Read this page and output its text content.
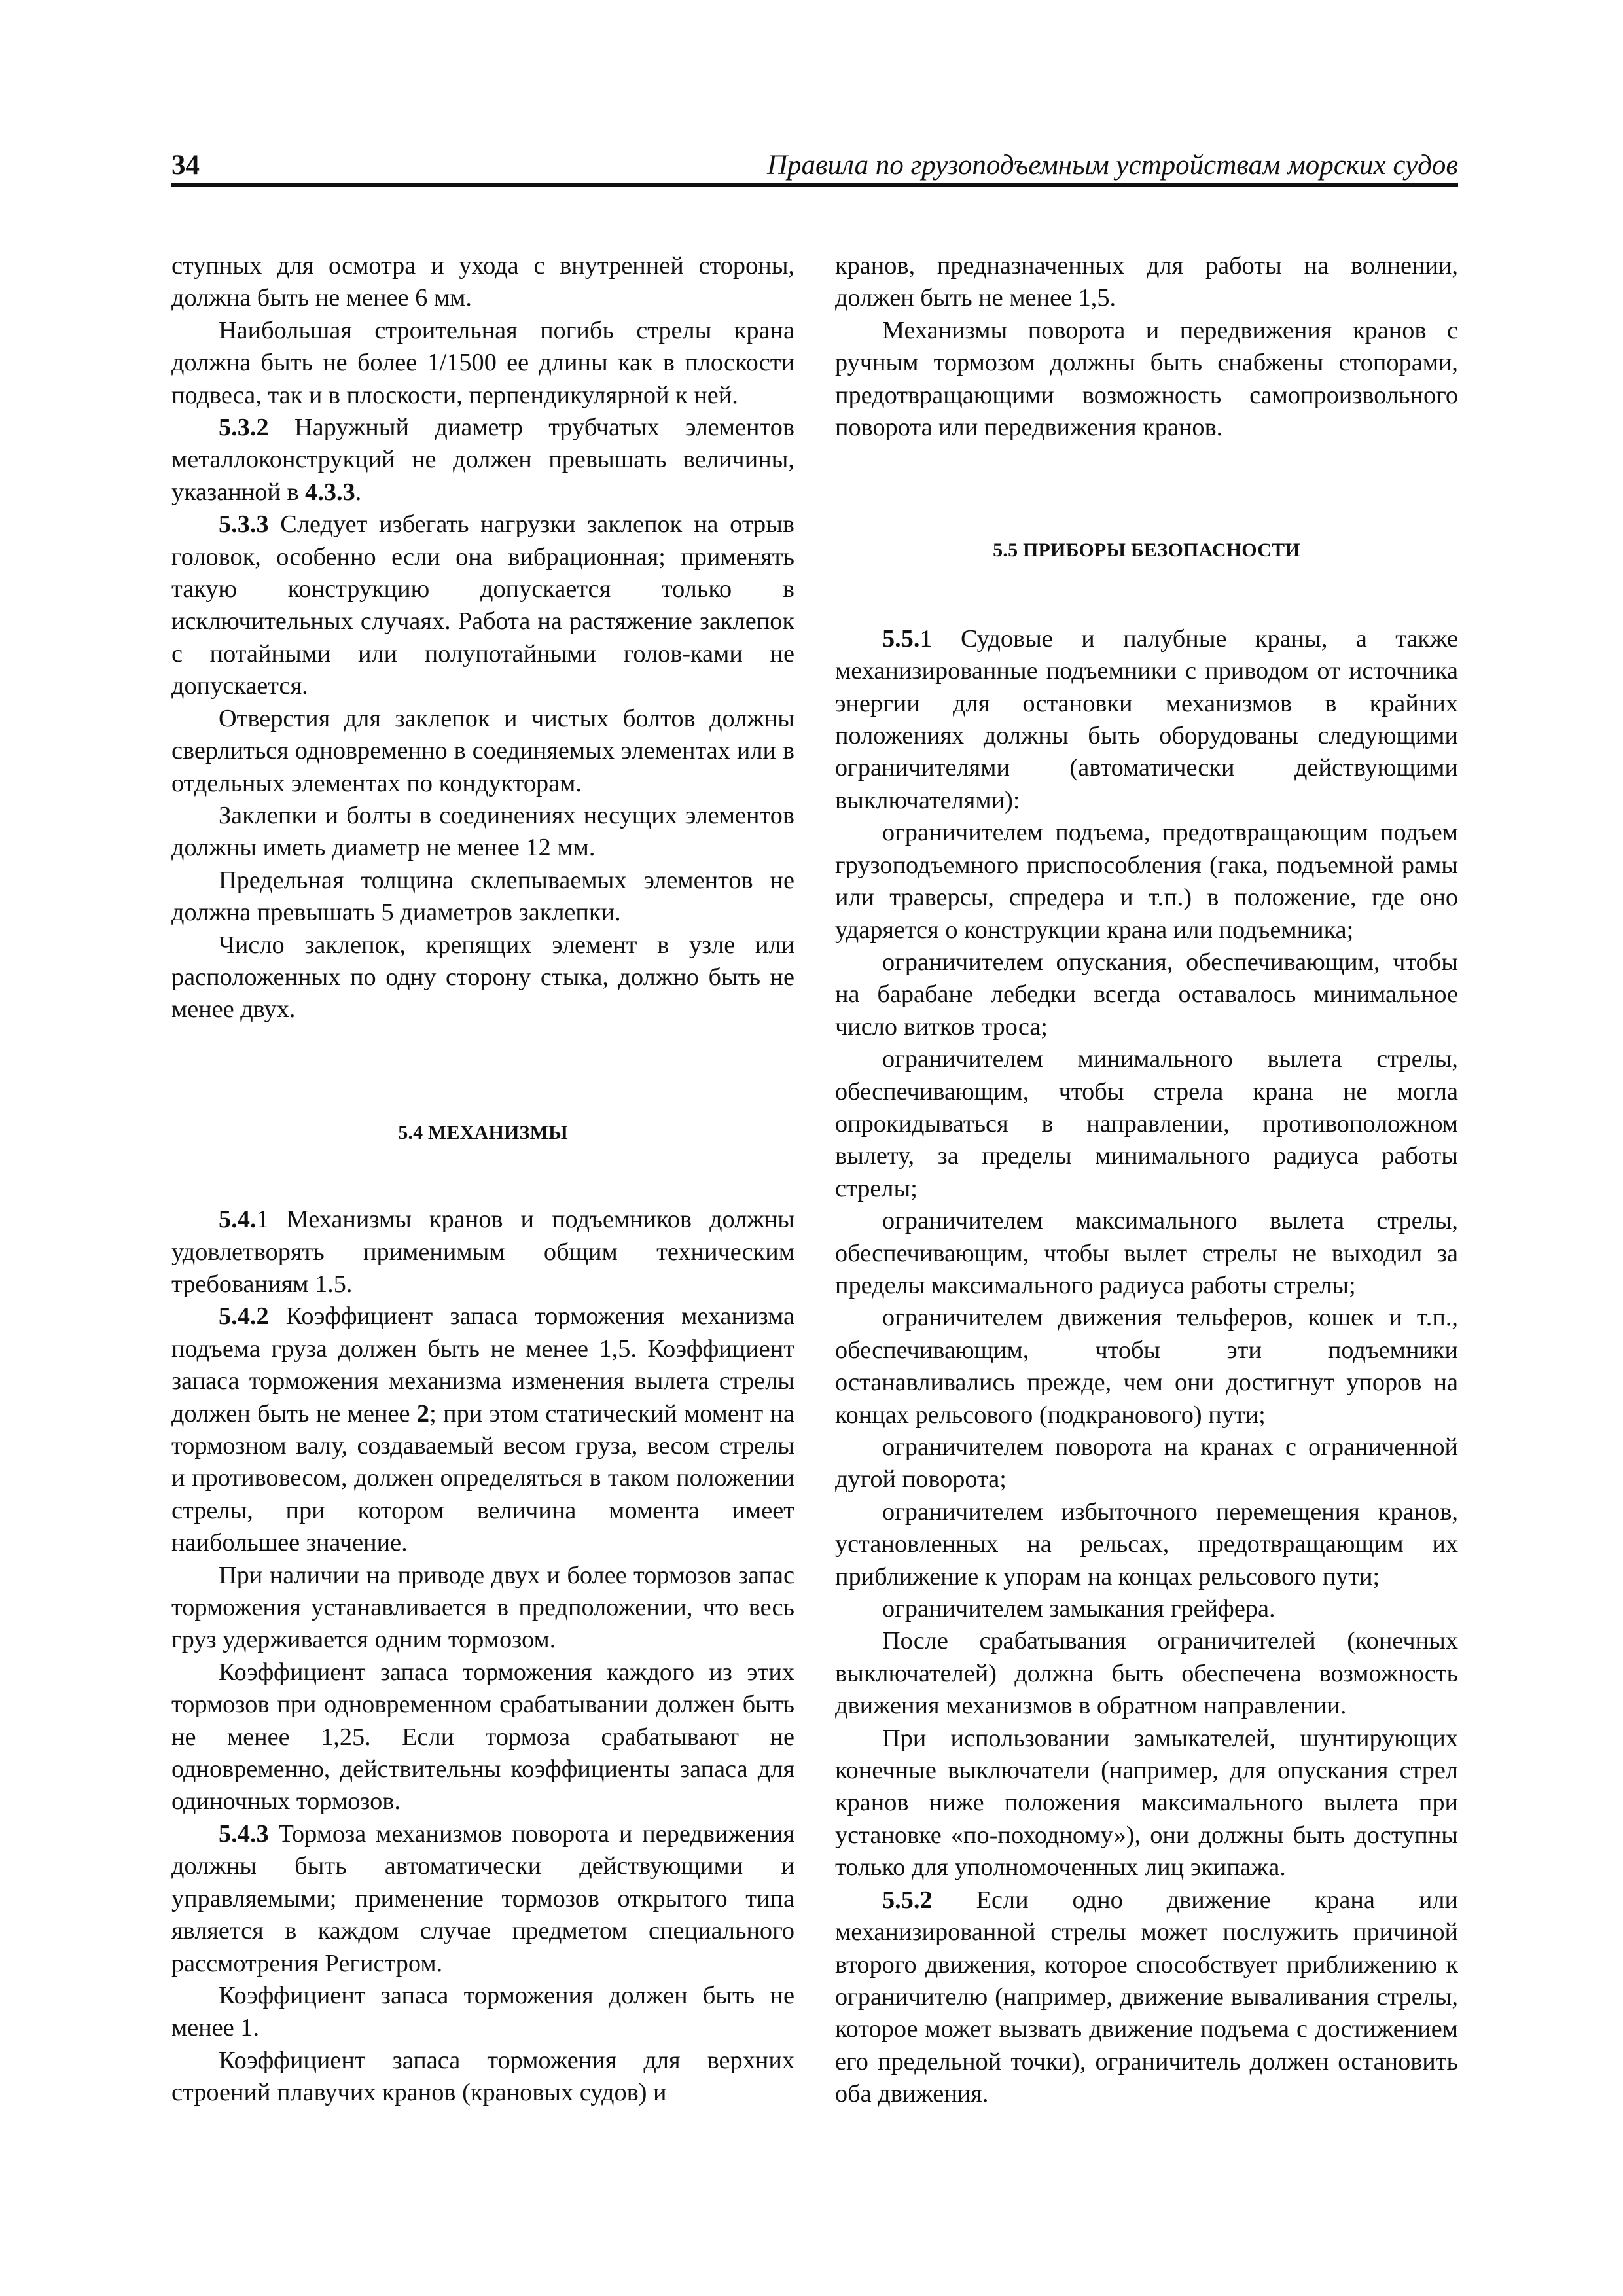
34	Правила по грузоподъемным устройствам морских судов

ступных для осмотра и ухода с внутренней стороны, должна быть не менее 6 мм.

Наибольшая строительная погибь стрелы крана должна быть не более 1/1500 ее длины как в плоскости подвеса, так и в плоскости, перпендикулярной к ней.

5.3.2 Наружный диаметр трубчатых элементов металлоконструкций не должен превышать величины, указанной в 4.3.3.

5.3.3 Следует избегать нагрузки заклепок на отрыв головок, особенно если она вибрационная; применять такую конструкцию допускается только в исключительных случаях. Работа на растяжение заклепок с потайными или полупотайными голов-ками не допускается.

Отверстия для заклепок и чистых болтов должны сверлиться одновременно в соединяемых элементах или в отдельных элементах по кондукторам.

Заклепки и болты в соединениях несущих элементов должны иметь диаметр не менее 12 мм.

Предельная толщина склепываемых элементов не должна превышать 5 диаметров заклепки.

Число заклепок, крепящих элемент в узле или расположенных по одну сторону стыка, должно быть не менее двух.

5.4 МЕХАНИЗМЫ

5.4.1 Механизмы кранов и подъемников должны удовлетворять применимым общим техническим требованиям 1.5.

5.4.2 Коэффициент запаса торможения механизма подъема груза должен быть не менее 1,5. Коэффициент запаса торможения механизма изменения вылета стрелы должен быть не менее 2; при этом статический момент на тормозном валу, создаваемый весом груза, весом стрелы и противовесом, должен определяться в таком положении стрелы, при котором величина момента имеет наибольшее значение.

При наличии на приводе двух и более тормозов запас торможения устанавливается в предположении, что весь груз удерживается одним тормозом.

Коэффициент запаса торможения каждого из этих тормозов при одновременном срабатывании должен быть не менее 1,25. Если тормоза срабатывают не одновременно, действительны коэффициенты запаса для одиночных тормозов.

5.4.3 Тормоза механизмов поворота и передвижения должны быть автоматически действующими и управляемыми; применение тормозов открытого типа является в каждом случае предметом специального рассмотрения Регистром.

Коэффициент запаса торможения должен быть не менее 1.

Коэффициент запаса торможения для верхних строений плавучих кранов (крановых судов) и

кранов, предназначенных для работы на волнении, должен быть не менее 1,5.

Механизмы поворота и передвижения кранов с ручным тормозом должны быть снабжены стопорами, предотвращающими возможность самопроизвольного поворота или передвижения кранов.

5.5 ПРИБОРЫ БЕЗОПАСНОСТИ

5.5.1 Судовые и палубные краны, а также механизированные подъемники с приводом от источника энергии для остановки механизмов в крайних положениях должны быть оборудованы следующими ограничителями (автоматически действующими выключателями):

ограничителем подъема, предотвращающим подъем грузоподъемного приспособления (гака, подъемной рамы или траверсы, спредера и т.п.) в положение, где оно ударяется о конструкции крана или подъемника;

ограничителем опускания, обеспечивающим, чтобы на барабане лебедки всегда оставалось минимальное число витков троса;

ограничителем минимального вылета стрелы, обеспечивающим, чтобы стрела крана не могла опрокидываться в направлении, противоположном вылету, за пределы минимального радиуса работы стрелы;

ограничителем максимального вылета стрелы, обеспечивающим, чтобы вылет стрелы не выходил за пределы максимального радиуса работы стрелы;

ограничителем движения тельферов, кошек и т.п., обеспечивающим, чтобы эти подъемники останавливались прежде, чем они достигнут упоров на концах рельсового (подкранового) пути;

ограничителем поворота на кранах с ограниченной дугой поворота;

ограничителем избыточного перемещения кранов, установленных на рельсах, предотвращающим их приближение к упорам на концах рельсового пути;

ограничителем замыкания грейфера.

После срабатывания ограничителей (конечных выключателей) должна быть обеспечена возможность движения механизмов в обратном направлении.

При использовании замыкателей, шунтирующих конечные выключатели (например, для опускания стрел кранов ниже положения максимального вылета при установке «по-походному»), они должны быть доступны только для уполномоченных лиц экипажа.

5.5.2 Если одно движение крана или механизированной стрелы может послужить причиной второго движения, которое способствует приближению к ограничителю (например, движение вываливания стрелы, которое может вызвать движение подъема с достижением его предельной точки), ограничитель должен остановить оба движения.
